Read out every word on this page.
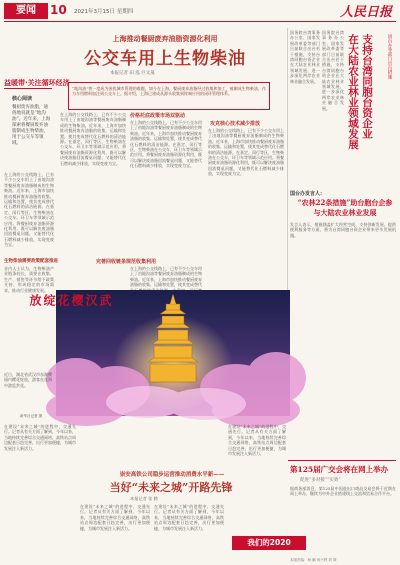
要闻	10 2021年3月15日 星期四	人民日报
上海推动餐厨废弃油脂资源化利用
公交车用上生物柴油
本报记者 田 泓 巨文晟
“地沟油”曾一度成为困扰城市管理的难题。如今在上海，餐厨废弃油脂经过收集和加工，被制成生物柴油，作为车用燃料加注到公交车上。据介绍，上海已建成从源头收集到终端应用的闭环管理体系。
益暖带·关注循环经济
核心阅读
餐厨废弃油脂，通俗地说就是“地沟油”。近年来，上海探索将餐厨废弃油脂制成生物柴油，用于公交车等领域。
在上海的公交线路上，已有不少公交车用上了由地沟油等餐厨废弃油脂制成的生物柴油。近年来，上海市加快推动餐厨废弃油脂的收集、运输和处置，使其变成替代化石燃料的清洁能源。在嘉定、闵行等区，生物柴油在公交车、环卫车等领域示范应用。将餐厨废弃油脂资源化利用，既可以解决废油脂回流餐桌问题，又能替代化石燃料减少排放，实现变废为宝。
生物柴油需要政策配套推进
业内人士认为，生物柴油产业链条较长，需要在收集、生产、销售等环节给予政策支持，形成稳定的市场需求，推动行业健康发展。
在上海的公交线路上，已有不少公交车用上了由地沟油等餐厨废弃油脂制成的生物柴油。近年来，上海市加快推动餐厨废弃油脂的收集、运输和处置，使其变成替代化石燃料的清洁能源。在嘉定、闵行等区，生物柴油在公交车、环卫车等领域示范应用。将餐厨废弃油脂资源化利用，既可以解决废油脂回流餐桌问题，又能替代化石燃料减少排放，实现变废为宝。
价格托底政策市场双驱动
在上海的公交线路上，已有不少公交车用上了由地沟油等餐厨废弃油脂制成的生物柴油。近年来，上海市加快推动餐厨废弃油脂的收集、运输和处置，使其变成替代化石燃料的清洁能源。在嘉定、闵行等区，生物柴油在公交车、环卫车等领域示范应用。将餐厨废弃油脂资源化利用，既可以解决废油脂回流餐桌问题，又能替代化石燃料减少排放，实现变废为宝。
完善回收链条规范收集利用
在上海的公交线路上，已有不少公交车用上了由地沟油等餐厨废弃油脂制成的生物柴油。近年来，上海市加快推动餐厨废弃油脂的收集、运输和处置，使其变成替代
攻克核心技术减少排放
在上海的公交线路上，已有不少公交车用上了由地沟油等餐厨废弃油脂制成的生物柴油。近年来，上海市加快推动餐厨废弃油脂的收集、运输和处置，使其变成替代化石燃料的清洁能源。在嘉定、闵行等区，生物柴油在公交车、环卫车等领域示范应用。将餐厨废弃油脂资源化利用，既可以解决废油脂回流餐桌问题，又能替代化石燃料减少排放，实现变废为宝。
国务院台湾事务办公室、国家发展改革委等部门日前联合出台若干措施，支持台湾同胞台资企业在大陆农业林业领域发展，进一步深化两岸农业林业融合发展。	支持台湾同胞台资企业
在大陆农业林业领域发展	国台办等部门出台措施
国务院台湾事务办公室、国家发展改革委等部门日前联合出台若干措施，支持台湾同胞台资企业在大陆农业林业领域发展，进一步深化两岸农业林业融合发展。
国台办发言人：
“农林22条措施”助台胞台企参与大陆农业林业发展
发言人表示，措施涵盖扩大经营空间、支持创新发展、提供便利服务等方面，将为台湾同胞台资企业带来更多发展机遇。
武汉 樱花绽放
近日，湖北省武汉市东湖樱园内樱花绽放，游客在花海中游览赏花。
新华社记者 摄
在建设“未来之城”的进程中，交通先行。记者从有关方面了解到，今年以来，当地持续完善综合交通网络，高铁站点周边配套日趋完善，出行更加便捷，为城市发展注入新活力。
崇安高铁公司稳步运营推动消费水平新——
当好“未来之城”开路先锋
本报记者 张 腾
在建设“未来之城”的进程中，交通先行。记者从有关方面了解到，今年以来，当地持续完善综合交通网络，高铁站点周边配套日趋完善，出行更加便捷，为城市发展注入新活力。
在建设“未来之城”的进程中，交通先行。记者从有关方面了解到，今年以来，当地持续完善综合交通网络，高铁站点周边配套日趋完善，出行更加便捷，为城市发展注入新活力。
在建设“未来之城”的进程中，交通先行。记者从有关方面了解到，今年以来，当地持续完善综合交通网络，高铁站点周边配套日趋完善，出行更加便捷，为城市发展注入新活力。
第125届广交会将在网上举办
促进“多对接”“实效”
据商务部消息，第125届中国进出口商品交易会将于近期在网上举办，继续为中外企业搭建线上交流和贸易合作平台。
我们的2020
本版责编：杨 鹏 何兴利 刘 婧
